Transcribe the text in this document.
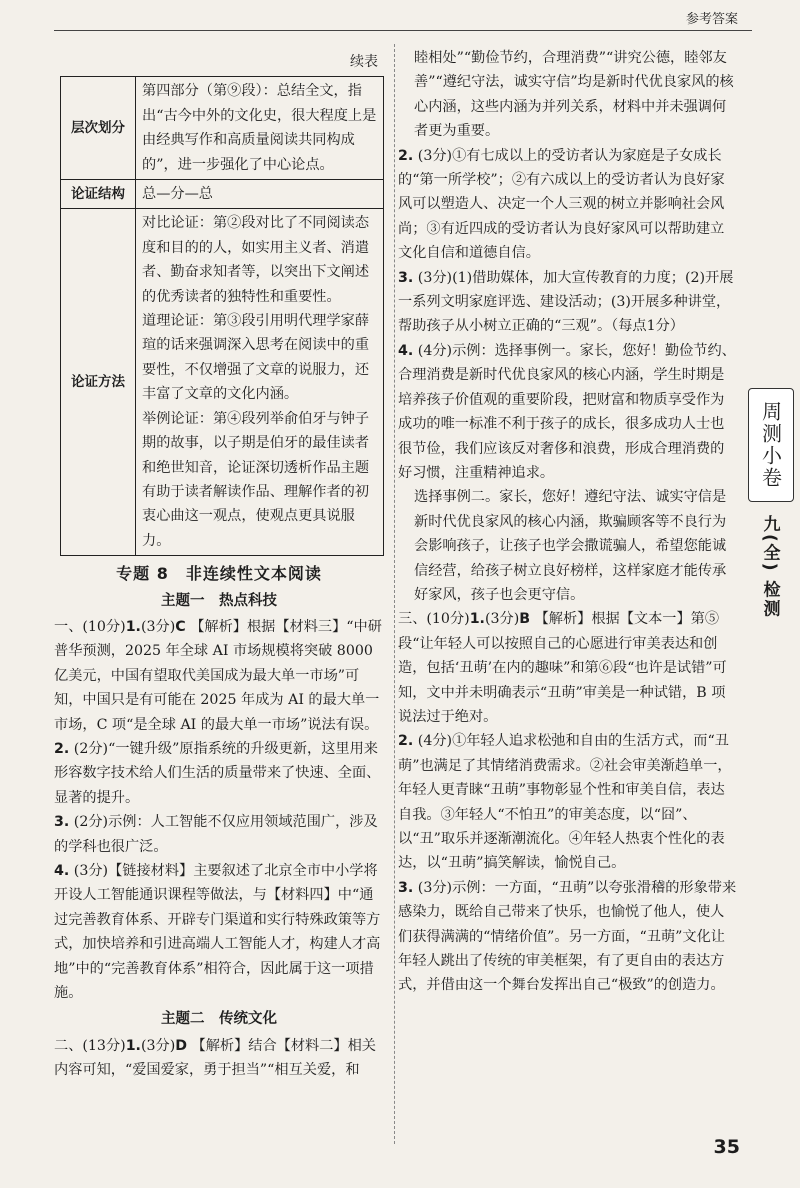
参考答案
续表
层次划分	第四部分（第⑨段）：总结全文，指出“古今中外的文化史，很大程度上是由经典写作和高质量阅读共同构成的”，进一步强化了中心论点。

论证结构	总—分—总

论证方法	对比论证：第②段对比了不同阅读态度和目的的人，如实用主义者、消遣者、勤奋求知者等，以突出下文阐述的优秀读者的独特性和重要性。

道理论证：第③段引用明代理学家薛瑄的话来强调深入思考在阅读中的重要性，不仅增强了文章的说服力，还丰富了文章的文化内涵。

举例论证：第④段列举俞伯牙与钟子期的故事，以子期是伯牙的最佳读者和绝世知音，论证深切透析作品主题有助于读者解读作品、理解作者的初衷心曲这一观点，使观点更具说服力。

专题 8　非连续性文本阅读
主题一　热点科技

一、(10分)1.(3分)C 【解析】根据【材料三】“中研普华预测，2025 年全球 AI 市场规模将突破 8000 亿美元，中国有望取代美国成为最大单一市场”可知，中国只是有可能在 2025 年成为 AI 的最大单一市场，C 项“是全球 AI 的最大单一市场”说法有误。

2. (2分)“一键升级”原指系统的升级更新，这里用来形容数字技术给人们生活的质量带来了快速、全面、显著的提升。

3. (2分)示例：人工智能不仅应用领域范围广，涉及的学科也很广泛。

4. (3分)【链接材料】主要叙述了北京全市中小学将开设人工智能通识课程等做法，与【材料四】中“通过完善教育体系、开辟专门渠道和实行特殊政策等方式，加快培养和引进高端人工智能人才，构建人才高地”中的“完善教育体系”相符合，因此属于这一项措施。

主题二　传统文化

二、(13分)1.(3分)D 【解析】结合【材料二】相关内容可知，“爱国爱家，勇于担当”“相互关爱，和

睦相处”“勤俭节约，合理消费”“讲究公德，睦邻友善”“遵纪守法，诚实守信”均是新时代优良家风的核心内涵，这些内涵为并列关系，材料中并未强调何者更为重要。

2. (3分)①有七成以上的受访者认为家庭是子女成长的“第一所学校”；②有六成以上的受访者认为良好家风可以塑造人、决定一个人三观的树立并影响社会风尚；③有近四成的受访者认为良好家风可以帮助建立文化自信和道德自信。

3. (3分)(1)借助媒体，加大宣传教育的力度；(2)开展一系列文明家庭评选、建设活动；(3)开展多种讲堂，帮助孩子从小树立正确的“三观”。（每点1分）

4. (4分)示例：选择事例一。家长，您好！勤俭节约、合理消费是新时代优良家风的核心内涵，学生时期是培养孩子价值观的重要阶段，把财富和物质享受作为成功的唯一标准不利于孩子的成长，很多成功人士也很节俭，我们应该反对奢侈和浪费，形成合理消费的好习惯，注重精神追求。

选择事例二。家长，您好！遵纪守法、诚实守信是新时代优良家风的核心内涵，欺骗顾客等不良行为会影响孩子，让孩子也学会撒谎骗人，希望您能诚信经营，给孩子树立良好榜样，这样家庭才能传承好家风，孩子也会更守信。

三、(10分)1.(3分)B 【解析】根据【文本一】第⑤段“让年轻人可以按照自己的心愿进行审美表达和创造，包括‘丑萌’在内的趣味”和第⑥段“也许是试错”可知，文中并未明确表示“丑萌”审美是一种试错，B 项说法过于绝对。

2. (4分)①年轻人追求松弛和自由的生活方式，而“丑萌”也满足了其情绪消费需求。②社会审美渐趋单一，年轻人更青睐“丑萌”事物彰显个性和审美自信，表达自我。③年轻人“不怕丑”的审美态度，以“囧”、以“丑”取乐并逐渐潮流化。④年轻人热衷个性化的表达，以“丑萌”搞笑解读，愉悦自己。

3. (3分)示例：一方面，“丑萌”以夸张滑稽的形象带来感染力，既给自己带来了快乐，也愉悦了他人，使人们获得满满的“情绪价值”。另一方面，“丑萌”文化让年轻人跳出了传统的审美框架，有了更自由的表达方式，并借由这一个舞台发挥出自己“极致”的创造力。

周测小卷
九(全) 检测
35
